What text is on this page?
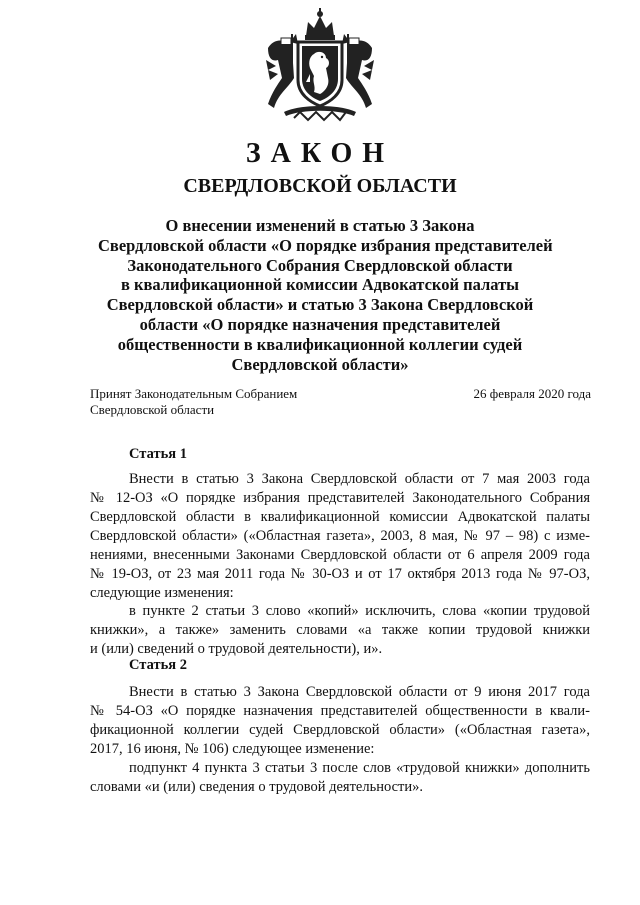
ЗАКОН
СВЕРДЛОВСКОЙ ОБЛАСТИ
О внесении изменений в статью 3 Закона
Свердловской области «О порядке избрания представителей
Законодательного Собрания Свердловской области
в квалификационной комиссии Адвокатской палаты
Свердловской области» и статью 3 Закона Свердловской
области «О порядке назначения представителей
общественности в квалификационной коллегии судей
Свердловской области»
Принят Законодательным Собранием
Свердловской области
26 февраля 2020 года
Статья 1
Внести в статью 3 Закона Свердловской области от 7 мая 2003 года
№ 12-ОЗ «О порядке избрания представителей Законодательного Собрания
Свердловской области в квалификационной комиссии Адвокатской палаты
Свердловской области» («Областная газета», 2003, 8 мая, № 97 – 98) с изме-
нениями, внесенными Законами Свердловской области от 6 апреля 2009 года
№ 19-ОЗ, от 23 мая 2011 года № 30-ОЗ и от 17 октября 2013 года № 97-ОЗ,
следующие изменения:
в пункте 2 статьи 3 слово «копий» исключить, слова «копии трудовой
книжки», а также» заменить словами «а также копии трудовой книжки
и (или) сведений о трудовой деятельности), и».
Статья 2
Внести в статью 3 Закона Свердловской области от 9 июня 2017 года
№ 54-ОЗ «О порядке назначения представителей общественности в квали-
фикационной коллегии судей Свердловской области» («Областная газета»,
2017, 16 июня, № 106) следующее изменение:
подпункт 4 пункта 3 статьи 3 после слов «трудовой книжки» дополнить
словами «и (или) сведения о трудовой деятельности».
